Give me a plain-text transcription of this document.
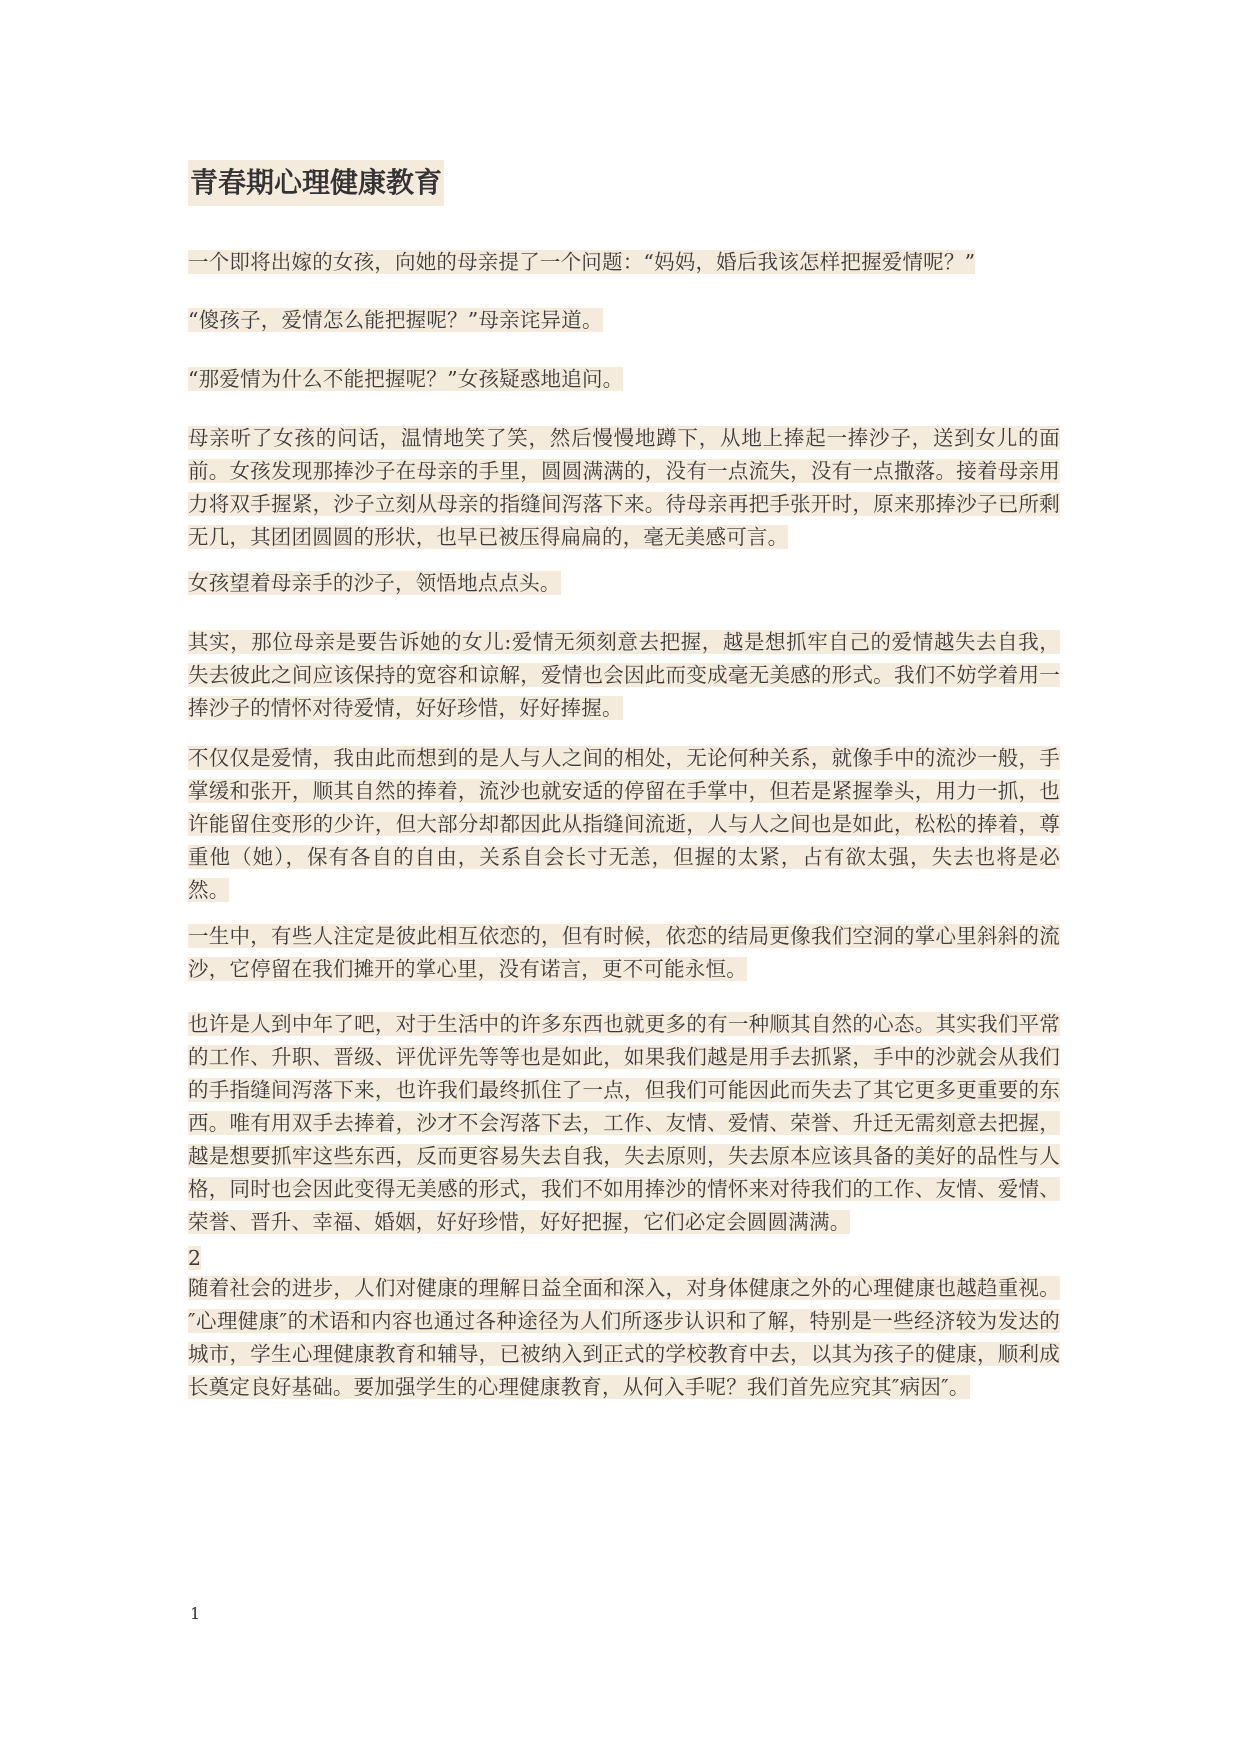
青春期心理健康教育

一个即将出嫁的女孩，向她的母亲提了一个问题：“妈妈，婚后我该怎样把握爱情呢？”

“傻孩子，爱情怎么能把握呢？”母亲诧异道。

“那爱情为什么不能把握呢？”女孩疑惑地追问。

母亲听了女孩的问话，温情地笑了笑，然后慢慢地蹲下，从地上捧起一捧沙子，送到女儿的面前。女孩发现那捧沙子在母亲的手里，圆圆满满的，没有一点流失，没有一点撒落。接着母亲用力将双手握紧，沙子立刻从母亲的指缝间泻落下来。待母亲再把手张开时，原来那捧沙子已所剩无几，其团团圆圆的形状，也早已被压得扁扁的，毫无美感可言。

女孩望着母亲手的沙子，领悟地点点头。

其实，那位母亲是要告诉她的女儿:爱情无须刻意去把握，越是想抓牢自己的爱情越失去自我，失去彼此之间应该保持的宽容和谅解，爱情也会因此而变成毫无美感的形式。我们不妨学着用一捧沙子的情怀对待爱情，好好珍惜，好好捧握。

不仅仅是爱情，我由此而想到的是人与人之间的相处，无论何种关系，就像手中的流沙一般，手掌缓和张开，顺其自然的捧着，流沙也就安适的停留在手掌中，但若是紧握拳头，用力一抓，也许能留住变形的少许，但大部分却都因此从指缝间流逝，人与人之间也是如此，松松的捧着，尊重他（她），保有各自的自由，关系自会长寸无恙，但握的太紧，占有欲太强，失去也将是必然。

一生中，有些人注定是彼此相互依恋的，但有时候，依恋的结局更像我们空洞的掌心里斜斜的流沙，它停留在我们摊开的掌心里，没有诺言，更不可能永恒。

也许是人到中年了吧，对于生活中的许多东西也就更多的有一种顺其自然的心态。其实我们平常的工作、升职、晋级、评优评先等等也是如此，如果我们越是用手去抓紧，手中的沙就会从我们的手指缝间泻落下来，也许我们最终抓住了一点，但我们可能因此而失去了其它更多更重要的东西。唯有用双手去捧着，沙才不会泻落下去，工作、友情、爱情、荣誉、升迁无需刻意去把握，越是想要抓牢这些东西，反而更容易失去自我，失去原则，失去原本应该具备的美好的品性与人格，同时也会因此变得无美感的形式，我们不如用捧沙的情怀来对待我们的工作、友情、爱情、荣誉、晋升、幸福、婚姻，好好珍惜，好好把握，它们必定会圆圆满满。

2

随着社会的进步，人们对健康的理解日益全面和深入，对身体健康之外的心理健康也越趋重视。″心理健康″的术语和内容也通过各种途径为人们所逐步认识和了解，特别是一些经济较为发达的城市，学生心理健康教育和辅导，已被纳入到正式的学校教育中去，以其为孩子的健康，顺利成长奠定良好基础。要加强学生的心理健康教育，从何入手呢？我们首先应究其″病因″。

1
